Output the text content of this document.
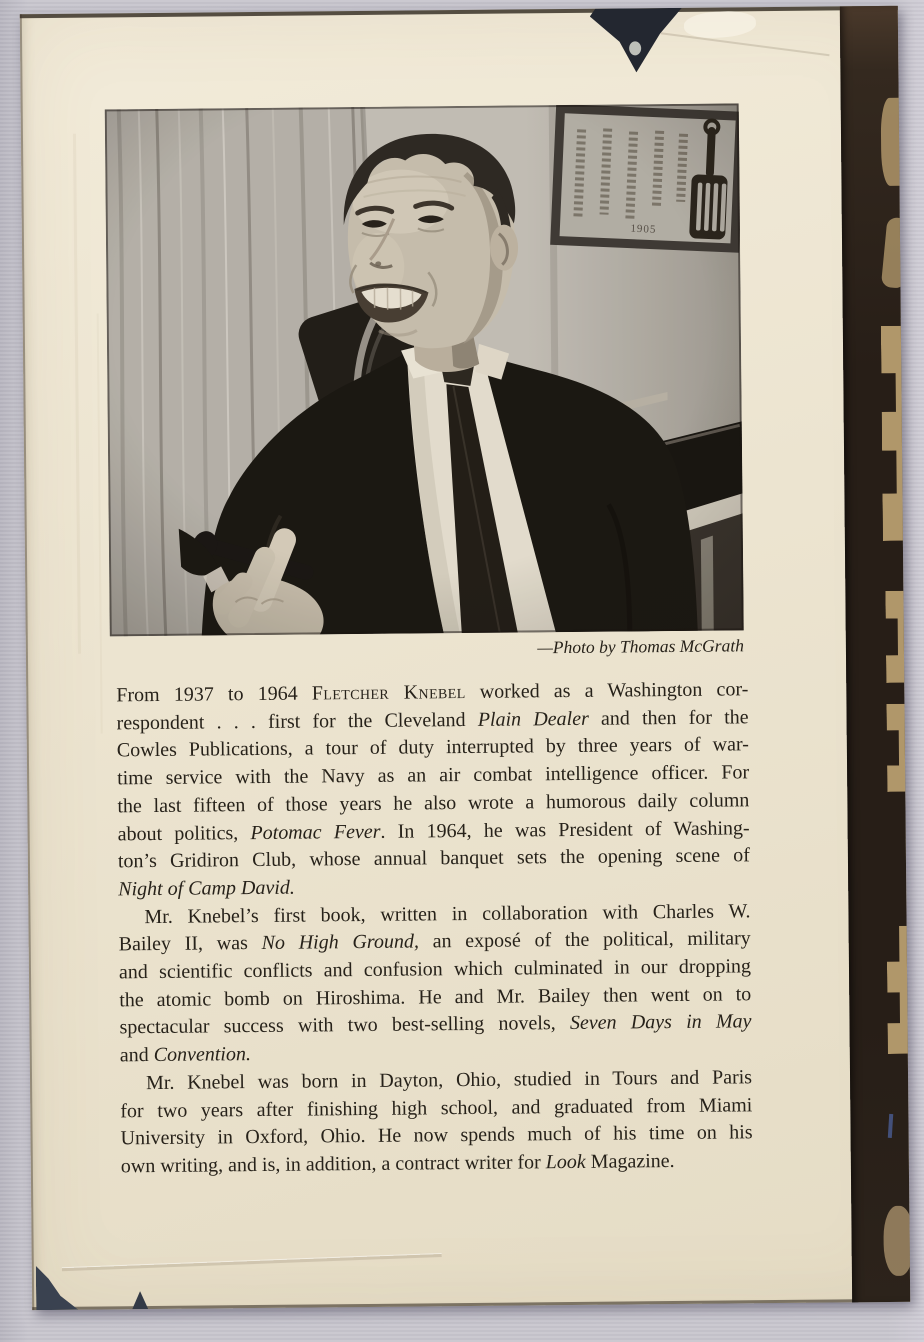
—Photo by Thomas McGrath
From 1937 to 1964 Fletcher Knebel worked as a Washington cor-
respondent . . . first for the Cleveland Plain Dealer and then for the
Cowles Publications, a tour of duty interrupted by three years of war-
time service with the Navy as an air combat intelligence officer. For
the last fifteen of those years he also wrote a humorous daily column
about politics, Potomac Fever. In 1964, he was President of Washing-
ton’s Gridiron Club, whose annual banquet sets the opening scene of
Night of Camp David.
Mr. Knebel’s first book, written in collaboration with Charles W.
Bailey II, was No High Ground, an exposé of the political, military
and scientific conflicts and confusion which culminated in our dropping
the atomic bomb on Hiroshima. He and Mr. Bailey then went on to
spectacular success with two best-selling novels, Seven Days in May
and Convention.
Mr. Knebel was born in Dayton, Ohio, studied in Tours and Paris
for two years after finishing high school, and graduated from Miami
University in Oxford, Ohio. He now spends much of his time on his
own writing, and is, in addition, a contract writer for Look Magazine.
